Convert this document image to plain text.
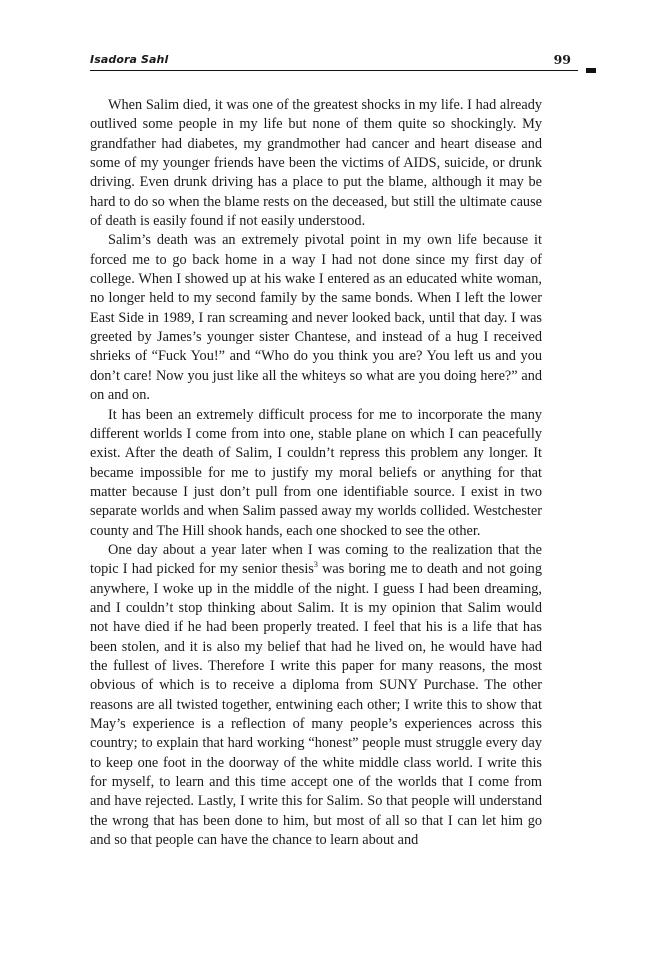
Isadora Sahl	99

When Salim died, it was one of the greatest shocks in my life. I had already outlived some people in my life but none of them quite so shockingly. My grandfather had diabetes, my grandmother had cancer and heart disease and some of my younger friends have been the victims of AIDS, suicide, or drunk driving. Even drunk driving has a place to put the blame, although it may be hard to do so when the blame rests on the deceased, but still the ultimate cause of death is easily found if not easily understood.

Salim’s death was an extremely pivotal point in my own life because it forced me to go back home in a way I had not done since my first day of college. When I showed up at his wake I entered as an educated white woman, no longer held to my second family by the same bonds. When I left the lower East Side in 1989, I ran screaming and never looked back, until that day. I was greeted by James’s younger sister Chantese, and instead of a hug I received shrieks of “Fuck You!” and “Who do you think you are? You left us and you don’t care! Now you just like all the whiteys so what are you doing here?” and on and on.

It has been an extremely difficult process for me to incorporate the many different worlds I come from into one, stable plane on which I can peacefully exist. After the death of Salim, I couldn’t repress this problem any longer. It became impossible for me to justify my moral beliefs or anything for that matter because I just don’t pull from one identifiable source. I exist in two separate worlds and when Salim passed away my worlds collided. Westchester county and The Hill shook hands, each one shocked to see the other.

One day about a year later when I was coming to the realization that the topic I had picked for my senior thesis$^3$ was boring me to death and not going anywhere, I woke up in the middle of the night. I guess I had been dreaming, and I couldn’t stop thinking about Salim. It is my opinion that Salim would not have died if he had been properly treated. I feel that his is a life that has been stolen, and it is also my belief that had he lived on, he would have had the fullest of lives. Therefore I write this paper for many reasons, the most obvious of which is to receive a diploma from SUNY Purchase. The other reasons are all twisted together, entwining each other; I write this to show that May’s experience is a reflection of many people’s experiences across this country; to explain that hard working “honest” people must struggle every day to keep one foot in the doorway of the white middle class world. I write this for myself, to learn and this time accept one of the worlds that I come from and have rejected. Lastly, I write this for Salim. So that people will understand the wrong that has been done to him, but most of all so that I can let him go and so that people can have the chance to learn about and
